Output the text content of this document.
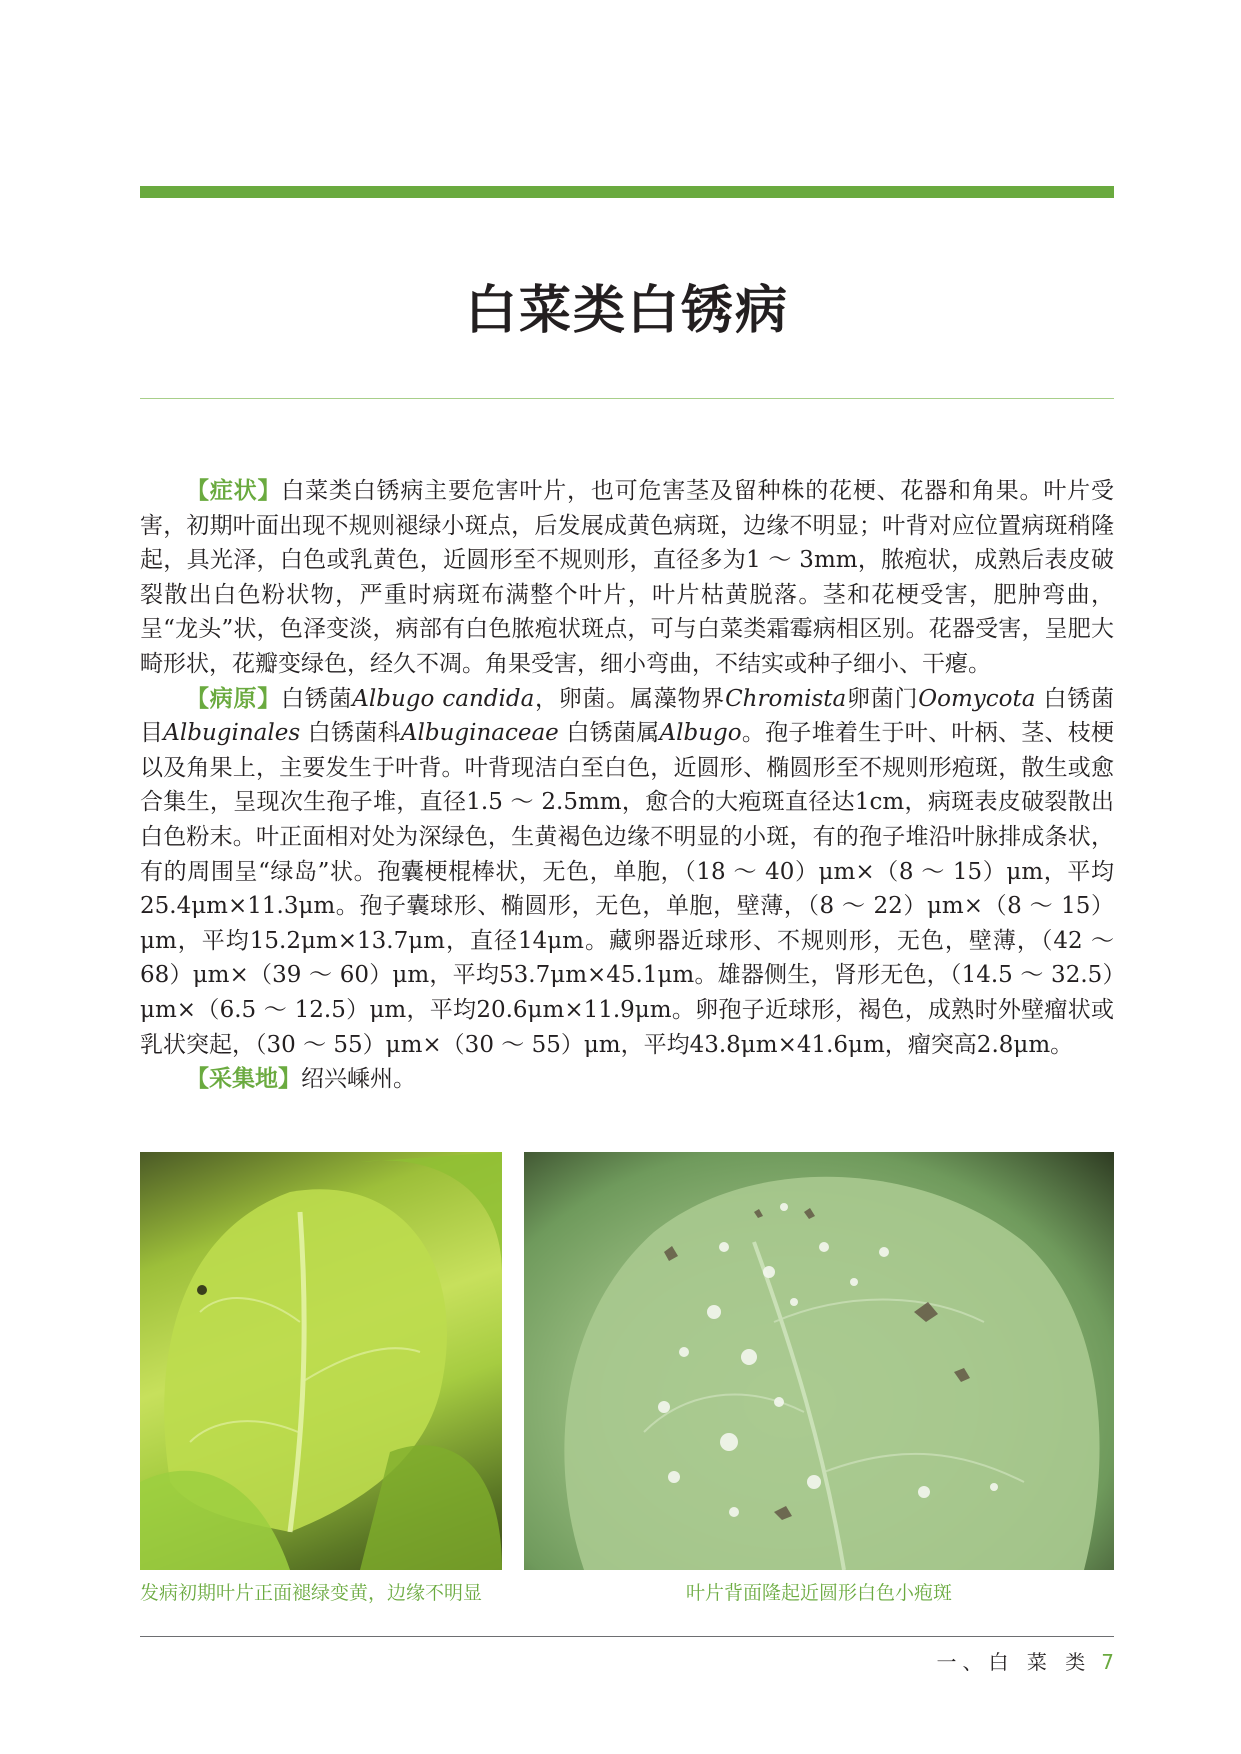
白菜类白锈病

【症状】白菜类白锈病主要危害叶片，也可危害茎及留种株的花梗、花器和角果。叶片受害，初期叶面出现不规则褪绿小斑点，后发展成黄色病斑，边缘不明显；叶背对应位置病斑稍隆起，具光泽，白色或乳黄色，近圆形至不规则形，直径多为1 ～ 3mm，脓疱状，成熟后表皮破裂散出白色粉状物，严重时病斑布满整个叶片，叶片枯黄脱落。茎和花梗受害，肥肿弯曲，呈“龙头”状，色泽变淡，病部有白色脓疱状斑点，可与白菜类霜霉病相区别。花器受害，呈肥大畸形状，花瓣变绿色，经久不凋。角果受害，细小弯曲，不结实或种子细小、干瘪。

【病原】白锈菌Albugo candida，卵菌。属藻物界Chromista卵菌门Oomycota 白锈菌目Albuginales 白锈菌科Albuginaceae 白锈菌属Albugo。孢子堆着生于叶、叶柄、茎、枝梗以及角果上，主要发生于叶背。叶背现洁白至白色，近圆形、椭圆形至不规则形疱斑，散生或愈合集生，呈现次生孢子堆，直径1.5 ～ 2.5mm，愈合的大疱斑直径达1cm，病斑表皮破裂散出白色粉末。叶正面相对处为深绿色，生黄褐色边缘不明显的小斑，有的孢子堆沿叶脉排成条状，有的周围呈“绿岛”状。孢囊梗棍棒状，无色，单胞，（18 ～ 40）μm×（8 ～ 15）μm，平均25.4μm×11.3μm。孢子囊球形、椭圆形，无色，单胞，壁薄，（8 ～ 22）μm×（8 ～ 15）μm，平均15.2μm×13.7μm，直径14μm。藏卵器近球形、不规则形，无色，壁薄，（42 ～ 68）μm×（39 ～ 60）μm，平均53.7μm×45.1μm。雄器侧生，肾形无色，（14.5 ～ 32.5）μm×（6.5 ～ 12.5）μm，平均20.6μm×11.9μm。卵孢子近球形，褐色，成熟时外壁瘤状或乳状突起，（30 ～ 55）μm×（30 ～ 55）μm，平均43.8μm×41.6μm，瘤突高2.8μm。

【采集地】绍兴嵊州。

发病初期叶片正面褪绿变黄，边缘不明显	叶片背面隆起近圆形白色小疱斑

一、白 菜 类 7
